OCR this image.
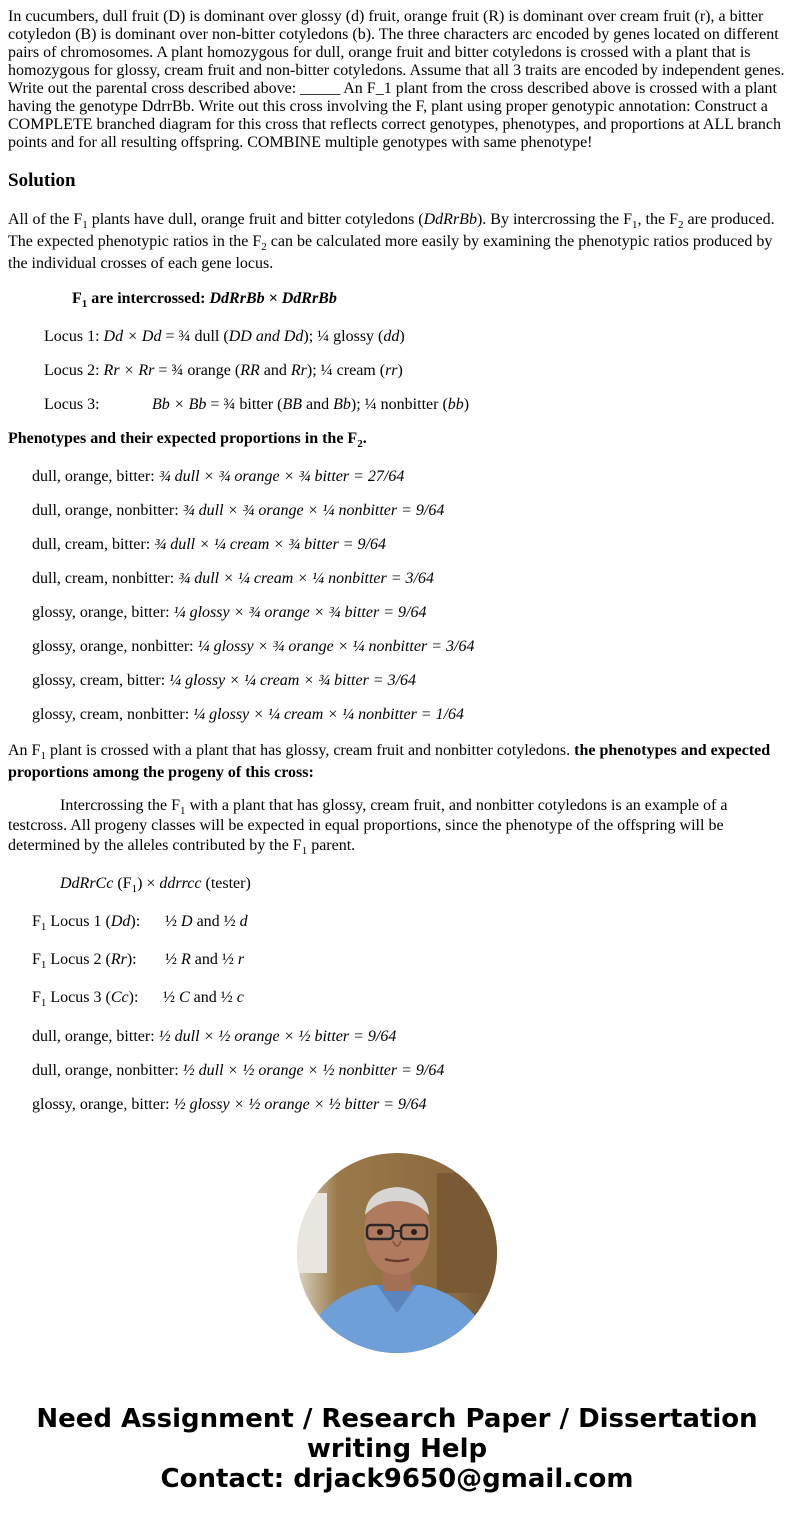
In cucumbers, dull fruit (D) is dominant over glossy (d) fruit, orange fruit (R) is dominant over cream fruit (r), a bitter cotyledon (B) is dominant over non-bitter cotyledons (b). The three characters arc encoded by genes located on different pairs of chromosomes. A plant homozygous for dull, orange fruit and bitter cotyledons is crossed with a plant that is homozygous for glossy, cream fruit and non-bitter cotyledons. Assume that all 3 traits are encoded by independent genes. Write out the parental cross described above: _____ An F_1 plant from the cross described above is crossed with a plant having the genotype DdrrBb. Write out this cross involving the F, plant using proper genotypic annotation: Construct a COMPLETE branched diagram for this cross that reflects correct genotypes, phenotypes, and proportions at ALL branch points and for all resulting offspring. COMBINE multiple genotypes with same phenotype!

Solution

All of the $F_1$ plants have dull, orange fruit and bitter cotyledons (DdRrBb). By intercrossing the $F_1$, the $F_2$ are produced. The expected phenotypic ratios in the $F_2$ can be calculated more easily by examining the phenotypic ratios produced by the individual crosses of each gene locus.

$F_1$ are intercrossed: DdRrBb × DdRrBb
Locus 1: Dd × Dd = ¾ dull (DD and Dd); ¼ glossy (dd)
Locus 2: Rr × Rr = ¾ orange (RR and Rr); ¼ cream (rr)
Locus 3:	Bb × Bb = ¾ bitter (BB and Bb); ¼ nonbitter (bb)
Phenotypes and their expected proportions in the $F_2$.
dull, orange, bitter: ¾ dull × ¾ orange × ¾ bitter = 27/64
dull, orange, nonbitter: ¾ dull × ¾ orange × ¼ nonbitter = 9/64
dull, cream, bitter: ¾ dull × ¼ cream × ¾ bitter = 9/64
dull, cream, nonbitter: ¾ dull × ¼ cream × ¼ nonbitter = 3/64
glossy, orange, bitter: ¼ glossy × ¾ orange × ¾ bitter = 9/64
glossy, orange, nonbitter: ¼ glossy × ¾ orange × ¼ nonbitter = 3/64
glossy, cream, bitter: ¼ glossy × ¼ cream × ¾ bitter = 3/64
glossy, cream, nonbitter: ¼ glossy × ¼ cream × ¼ nonbitter = 1/64

An $F_1$ plant is crossed with a plant that has glossy, cream fruit and nonbitter cotyledons. the phenotypes and expected proportions among the progeny of this cross:

Intercrossing the $F_1$ with a plant that has glossy, cream fruit, and nonbitter cotyledons is an example of a testcross. All progeny classes will be expected in equal proportions, since the phenotype of the offspring will be determined by the alleles contributed by the $F_1$ parent.

DdRrCc $(F_1)$ × ddrrcc (tester)
$F_1$ Locus 1 (Dd): ½ D and ½ d
$F_1$ Locus 2 (Rr): ½ R and ½ r
$F_1$ Locus 3 (Cc): ½ C and ½ c
dull, orange, bitter: ½ dull × ½ orange × ½ bitter = 9/64
dull, orange, nonbitter: ½ dull × ½ orange × ½ nonbitter = 9/64
glossy, orange, bitter: ½ glossy × ½ orange × ½ bitter = 9/64
Need Assignment / Research Paper / Dissertation
writing Help
Contact: drjack9650@gmail.com
